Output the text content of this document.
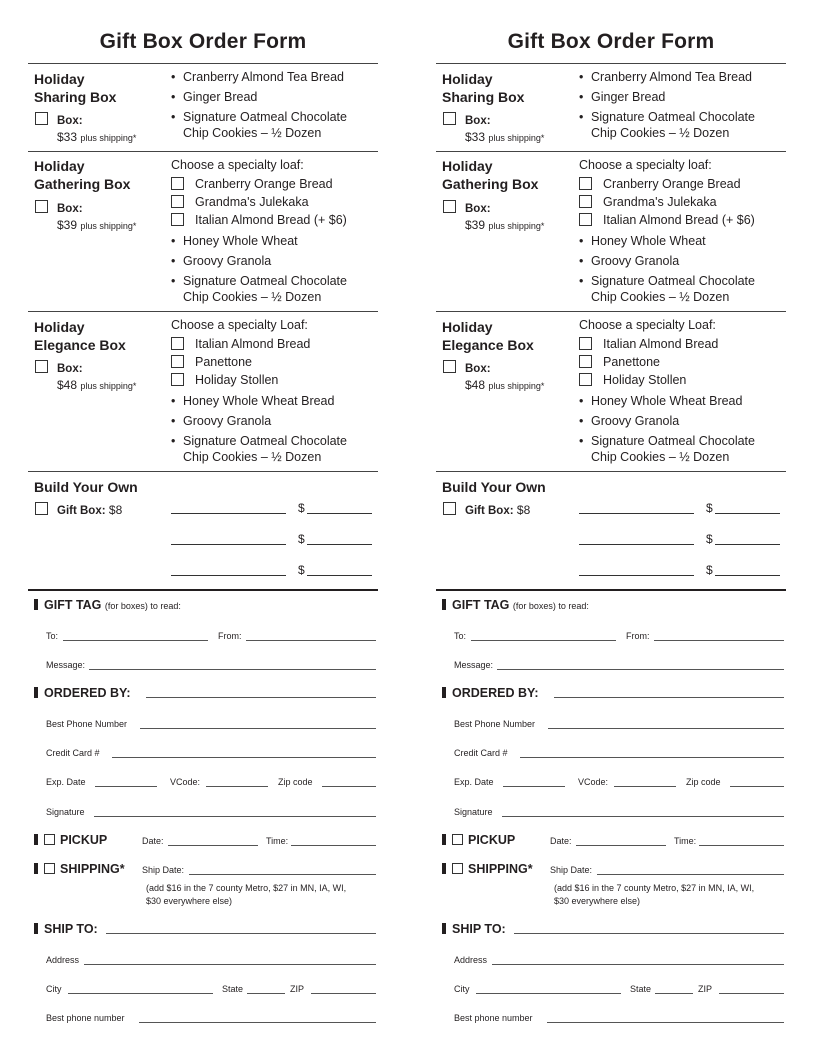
Gift Box Order Form
Holiday
Sharing Box
Box:
$33 plus shipping*
• Cranberry Almond Tea Bread
• Ginger Bread
• Signature Oatmeal Chocolate
Chip Cookies – ½ Dozen
Holiday
Gathering Box
Box:
$39 plus shipping*
Choose a specialty loaf:
Cranberry Orange Bread
Grandma's Julekaka
Italian Almond Bread (+ $6)
• Honey Whole Wheat
• Groovy Granola
• Signature Oatmeal Chocolate
Chip Cookies – ½ Dozen
Holiday
Elegance Box
Box:
$48 plus shipping*
Choose a specialty Loaf:
Italian Almond Bread
Panettone
Holiday Stollen
• Honey Whole Wheat Bread
• Groovy Granola
• Signature Oatmeal Chocolate
Chip Cookies – ½ Dozen
Build Your Own
Gift Box: $8	$
$
$
GIFT TAG (for boxes) to read:
To:	From:
Message:
ORDERED BY:
Best Phone Number
Credit Card #
Exp. Date	VCode:	Zip code
Signature
PICKUP	Date:	Time:
SHIPPING* Ship Date:
(add $16 in the 7 county Metro, $27 in MN, IA, WI,
$30 everywhere else)
SHIP TO:
Address
City	State	ZIP
Best phone number
Gift Box Order Form
Holiday
Sharing Box
Box:
$33 plus shipping*
• Cranberry Almond Tea Bread
• Ginger Bread
• Signature Oatmeal Chocolate
Chip Cookies – ½ Dozen
Holiday
Gathering Box
Box:
$39 plus shipping*
Choose a specialty loaf:
Cranberry Orange Bread
Grandma's Julekaka
Italian Almond Bread (+ $6)
• Honey Whole Wheat
• Groovy Granola
• Signature Oatmeal Chocolate
Chip Cookies – ½ Dozen
Holiday
Elegance Box
Box:
$48 plus shipping*
Choose a specialty Loaf:
Italian Almond Bread
Panettone
Holiday Stollen
• Honey Whole Wheat Bread
• Groovy Granola
• Signature Oatmeal Chocolate
Chip Cookies – ½ Dozen
Build Your Own
Gift Box: $8	$
$
$
GIFT TAG (for boxes) to read:
To:	From:
Message:
ORDERED BY:
Best Phone Number
Credit Card #
Exp. Date	VCode:	Zip code
Signature
PICKUP	Date:	Time:
SHIPPING* Ship Date:
(add $16 in the 7 county Metro, $27 in MN, IA, WI,
$30 everywhere else)
SHIP TO:
Address
City	State	ZIP
Best phone number
